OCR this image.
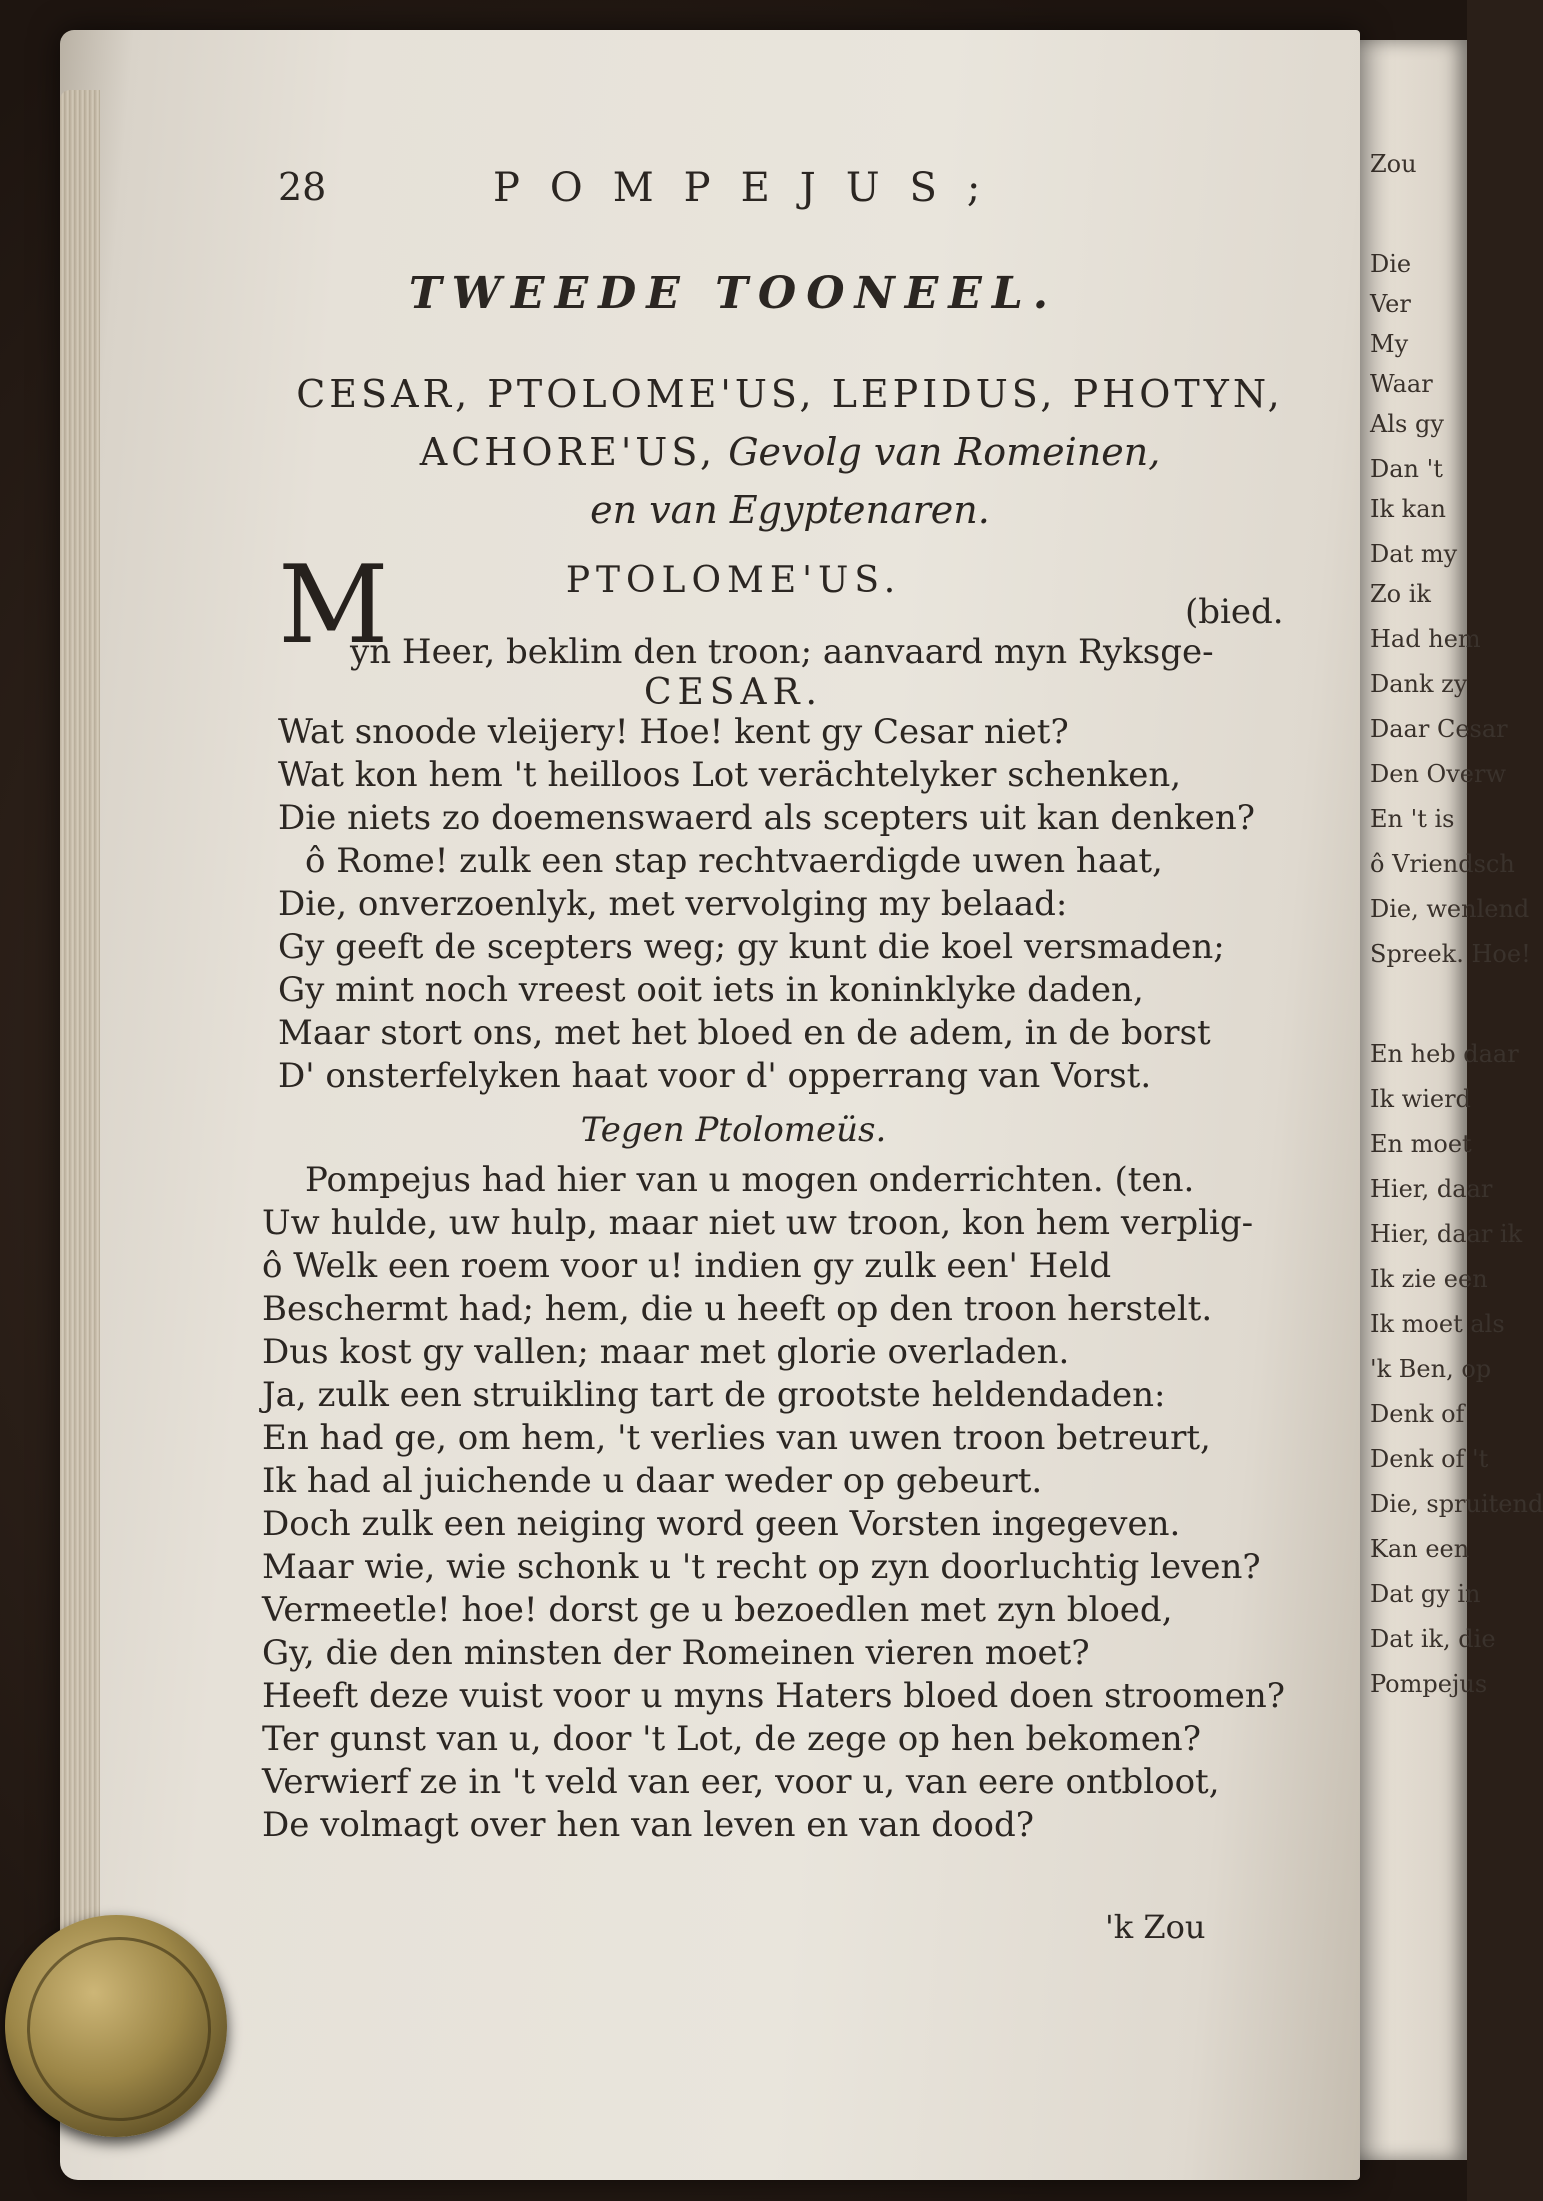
Zou
Die
Ver
My
Waar
Als gy
Dan 't
Ik kan
Dat my
Zo ik
Had hem
Dank zy
Daar Cesar
Den Overw
En 't is
ô Vriendsch
Die, wenlend
Spreek. Hoe!
En heb daar
Ik wierd
En moet
Hier, daar
Hier, daar ik
Ik zie een
Ik moet als
'k Ben, op
Denk of
Denk of 't
Die, spruitend
Kan een
Dat gy in
Dat ik, die
Pompejus
28	POMPEJUS;
TWEEDE TOONEEL.
CESAR, PTOLOME'US, LEPIDUS, PHOTYN,
ACHORE'US, Gevolg van Romeinen,
en van Egyptenaren.
PTOLOME'US.
M	(bied.
yn Heer, beklim den troon; aanvaard myn Ryksge-
CESAR.
Wat snoode vleijery! Hoe! kent gy Cesar niet?
Wat kon hem 't heilloos Lot verächtelyker schenken,
Die niets zo doemenswaerd als scepters uit kan denken?
ô Rome! zulk een stap rechtvaerdigde uwen haat,
Die, onverzoenlyk, met vervolging my belaad:
Gy geeft de scepters weg; gy kunt die koel versmaden;
Gy mint noch vreest ooit iets in koninklyke daden,
Maar stort ons, met het bloed en de adem, in de borst
D' onsterfelyken haat voor d' opperrang van Vorst.
Tegen Ptolomeüs.
Pompejus had hier van u mogen onderrichten. (ten.
Uw hulde, uw hulp, maar niet uw troon, kon hem verplig-
ô Welk een roem voor u! indien gy zulk een' Held
Beschermt had; hem, die u heeft op den troon herstelt.
Dus kost gy vallen; maar met glorie overladen.
Ja, zulk een struikling tart de grootste heldendaden:
En had ge, om hem, 't verlies van uwen troon betreurt,
Ik had al juichende u daar weder op gebeurt.
Doch zulk een neiging word geen Vorsten ingegeven.
Maar wie, wie schonk u 't recht op zyn doorluchtig leven?
Vermeetle! hoe! dorst ge u bezoedlen met zyn bloed,
Gy, die den minsten der Romeinen vieren moet?
Heeft deze vuist voor u myns Haters bloed doen stroomen?
Ter gunst van u, door 't Lot, de zege op hen bekomen?
Verwierf ze in 't veld van eer, voor u, van eere ontbloot,
De volmagt over hen van leven en van dood?
'k Zou
